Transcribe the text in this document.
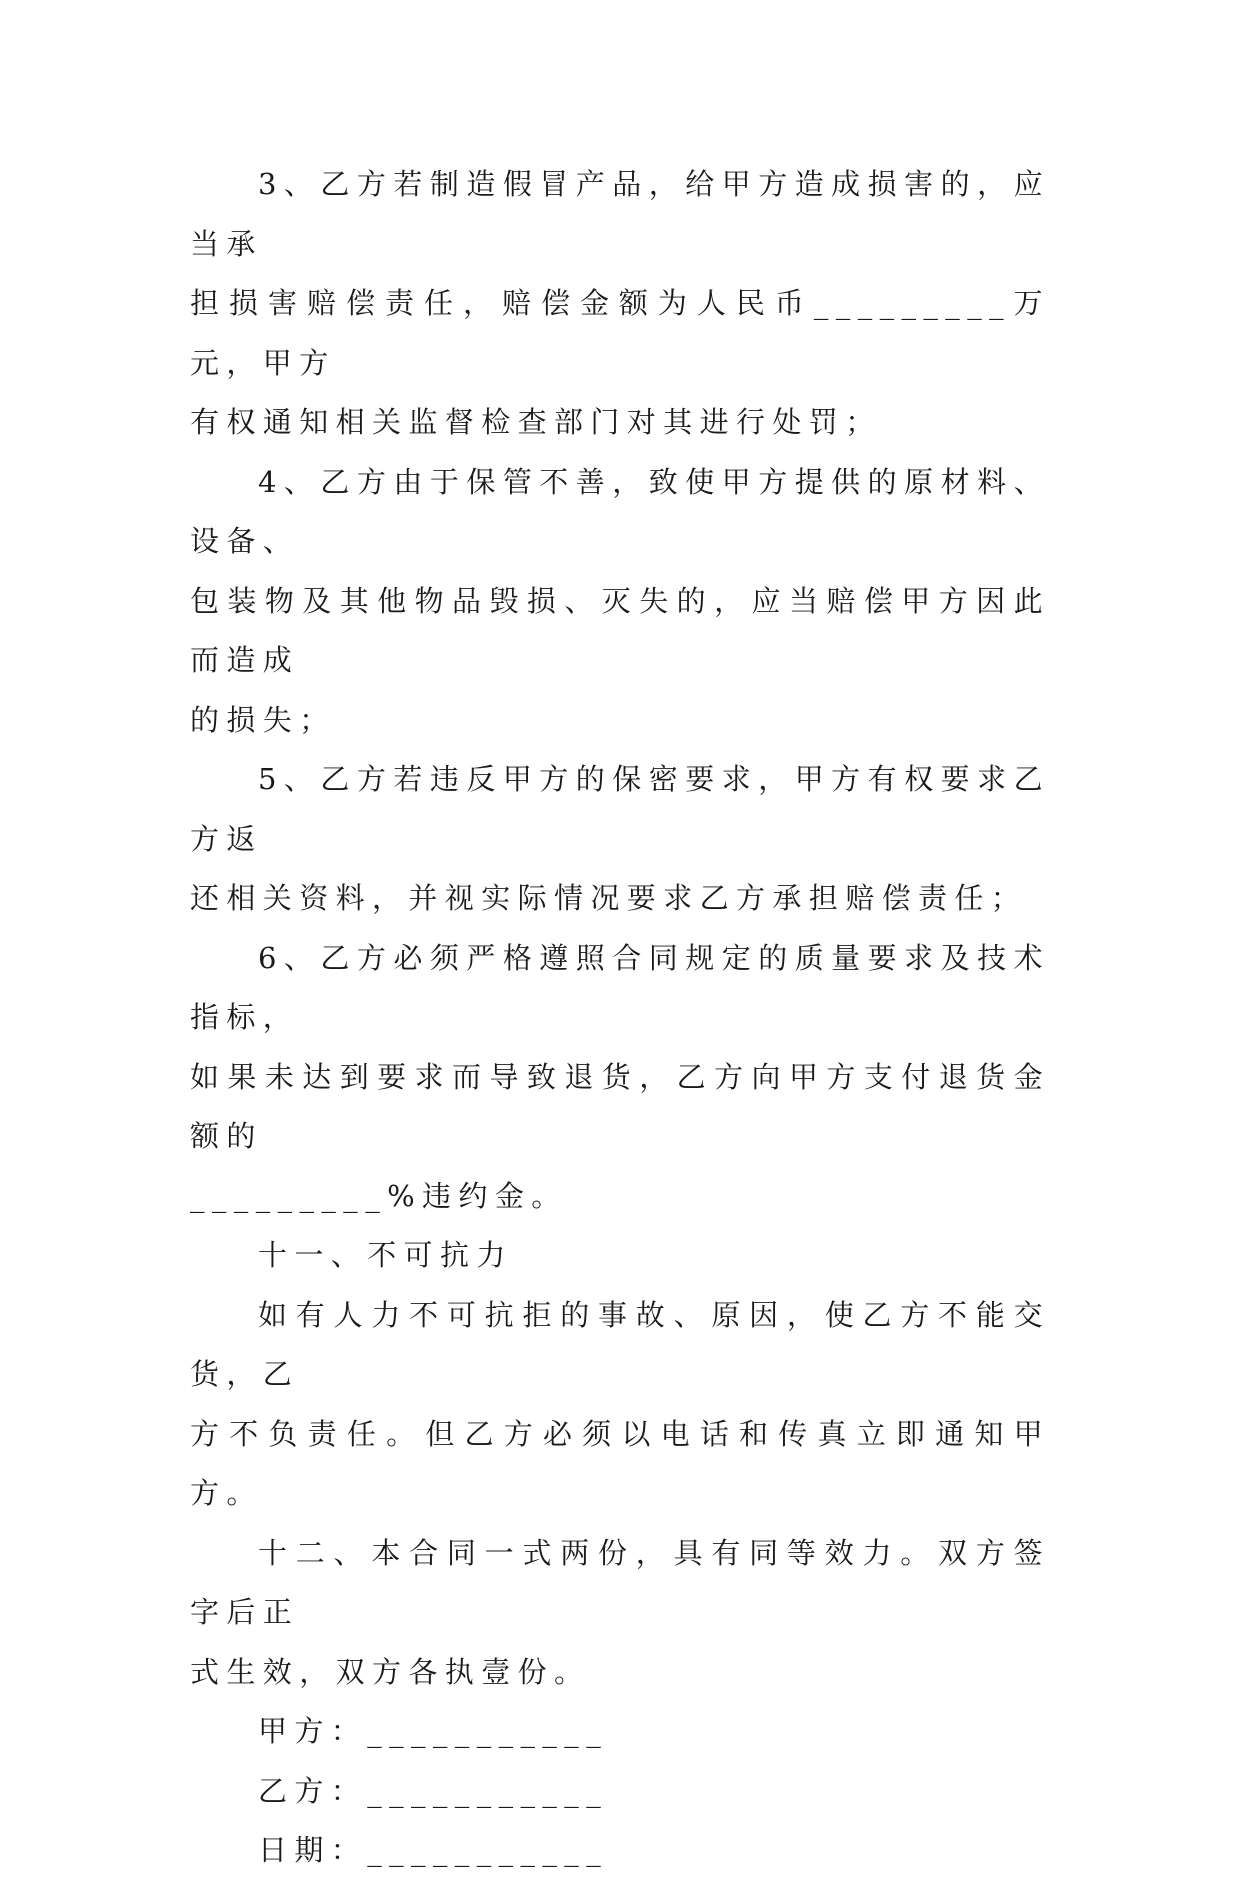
3、乙方若制造假冒产品，给甲方造成损害的，应当承
担损害赔偿责任，赔偿金额为人民币_________万元，甲方
有权通知相关监督检查部门对其进行处罚；

4、乙方由于保管不善，致使甲方提供的原材料、设备、
包装物及其他物品毁损、灭失的，应当赔偿甲方因此而造成
的损失；

5、乙方若违反甲方的保密要求，甲方有权要求乙方返
还相关资料，并视实际情况要求乙方承担赔偿责任；

6、乙方必须严格遵照合同规定的质量要求及技术指标，
如果未达到要求而导致退货，乙方向甲方支付退货金额的
_________%违约金。

十一、不可抗力

如有人力不可抗拒的事故、原因，使乙方不能交货，乙
方不负责任。但乙方必须以电话和传真立即通知甲方。

十二、本合同一式两份，具有同等效力。双方签字后正
式生效，双方各执壹份。

甲方：___________

乙方：___________

日期：___________
